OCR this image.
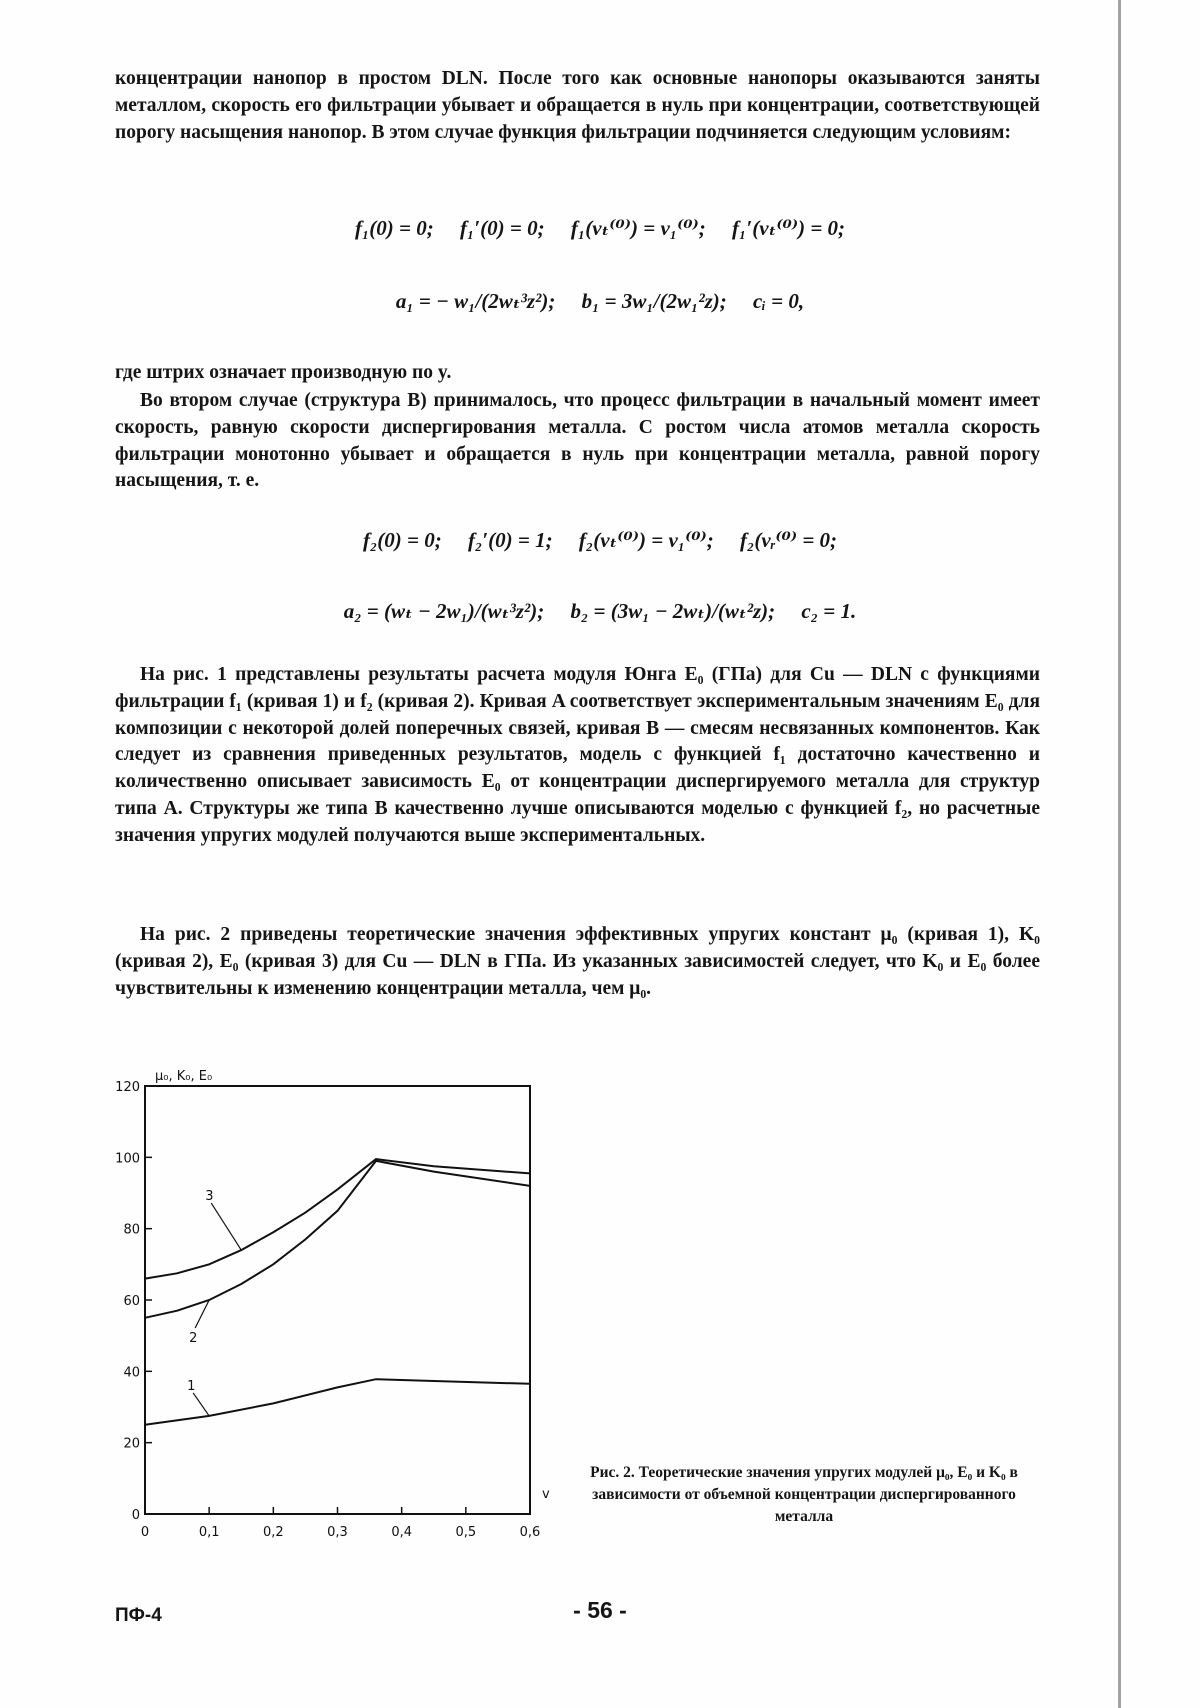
концентрации нанопор в простом DLN. После того как основные нанопоры оказываются заняты металлом, скорость его фильтрации убывает и обращается в нуль при концентрации, соответствующей порогу насыщения нанопор. В этом случае функция фильтрации подчиняется следующим условиям:

f₁(0) = 0;     f₁′(0) = 0;     f₁(vₜ⁽⁰⁾) = v₁⁽⁰⁾;     f₁′(vₜ⁽⁰⁾) = 0;

a₁ = − w₁/(2wₜ³z²);     b₁ = 3w₁/(2w₁²z);     cᵢ = 0,

где штрих означает производную по y.

Во втором случае (структура B) принималось, что процесс фильтрации в начальный момент имеет скорость, равную скорости диспергирования металла. С ростом числа атомов металла скорость фильтрации монотонно убывает и обращается в нуль при концентрации металла, равной порогу насыщения, т. е.

f₂(0) = 0;     f₂′(0) = 1;     f₂(vₜ⁽⁰⁾) = v₁⁽⁰⁾;     f₂(vᵣ⁽⁰⁾ = 0;

a₂ = (wₜ − 2w₁)/(wₜ³z²);     b₂ = (3w₁ − 2wₜ)/(wₜ²z);     c₂ = 1.

На рис. 1 представлены результаты расчета модуля Юнга E₀ (ГПа) для Cu — DLN с функциями фильтрации f₁ (кривая 1) и f₂ (кривая 2). Кривая A соответствует экспериментальным значениям E₀ для композиции с некоторой долей поперечных связей, кривая B — смесям несвязанных компонентов. Как следует из сравнения приведенных результатов, модель с функцией f₁ достаточно качественно и количественно описывает зависимость E₀ от концентрации диспергируемого металла для структур типа A. Структуры же типа B качественно лучше описываются моделью с функцией f₂, но расчетные значения упругих модулей получаются выше экспериментальных.

На рис. 2 приведены теоретические значения эффективных упругих констант μ₀ (кривая 1), K₀ (кривая 2), E₀ (кривая 3) для Cu — DLN в ГПа. Из указанных зависимостей следует, что K₀ и E₀ более чувствительны к изменению концентрации металла, чем μ₀.

0
20
40
60
80
100
120
0	0,1	0,2	0,3	0,4	0,5	0,6
μ₀, K₀, E₀
v
1
2
3

Рис. 2. Теоретические значения упругих модулей μ₀, E₀ и K₀ в зависимости от объемной концентрации диспергированного металла

ПФ-4	- 56 -
